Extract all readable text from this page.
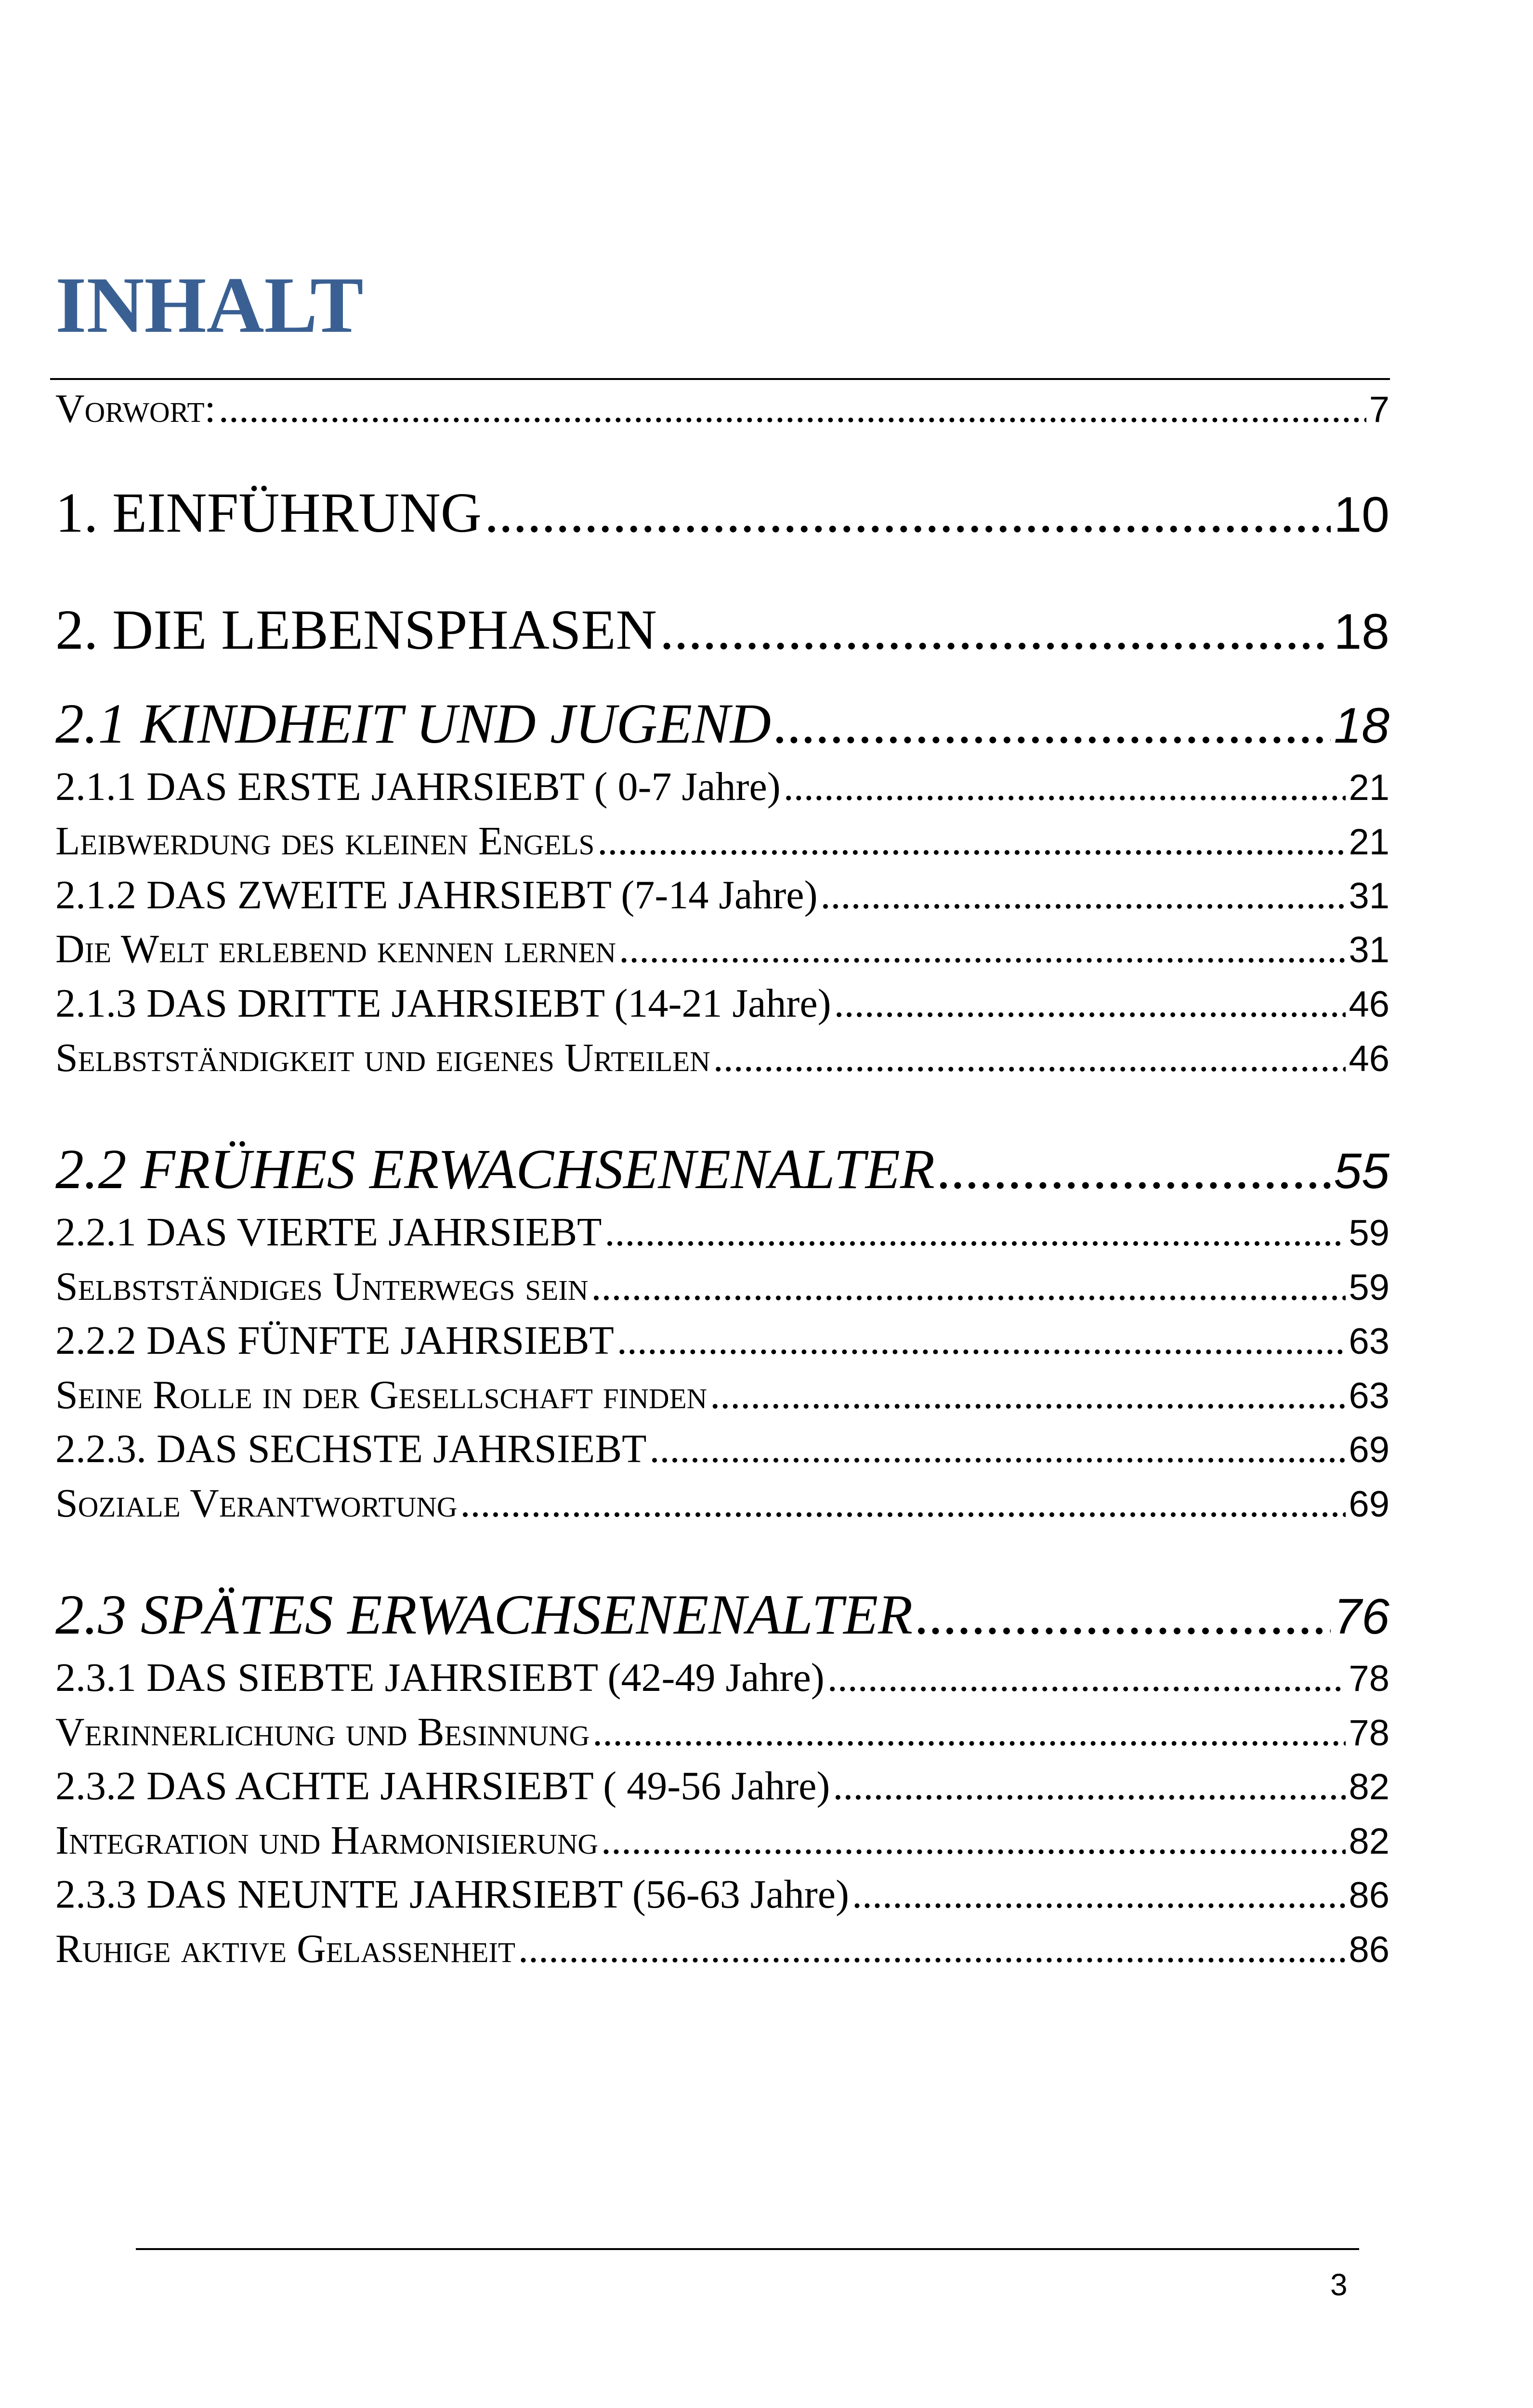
INHALT
Vorwort: .....	7
1. EINFÜHRUNG .....	10
2. DIE LEBENSPHASEN .....	18
2.1 KINDHEIT UND JUGEND .....	18
2.1.1 DAS ERSTE JAHRSIEBT ( 0-7 Jahre) .....	21
Leibwerdung des kleinen Engels .....	21
2.1.2 DAS ZWEITE JAHRSIEBT (7-14 Jahre) .....	31
Die Welt erlebend kennen lernen .....	31
2.1.3 DAS DRITTE JAHRSIEBT (14-21 Jahre) .....	46
Selbstständigkeit und eigenes Urteilen .....	46
2.2 FRÜHES ERWACHSENENALTER .....	55
2.2.1 DAS VIERTE JAHRSIEBT .....	59
Selbstständiges Unterwegs sein .....	59
2.2.2 DAS FÜNFTE JAHRSIEBT .....	63
Seine Rolle in der Gesellschaft finden .....	63
2.2.3. DAS SECHSTE JAHRSIEBT .....	69
Soziale Verantwortung .....	69
2.3 SPÄTES ERWACHSENENALTER .....	76
2.3.1 DAS SIEBTE JAHRSIEBT (42-49 Jahre) .....	78
Verinnerlichung und Besinnung .....	78
2.3.2 DAS ACHTE JAHRSIEBT ( 49-56 Jahre) .....	82
Integration und Harmonisierung .....	82
2.3.3 DAS NEUNTE JAHRSIEBT (56-63 Jahre) .....	86
Ruhige aktive Gelassenheit .....	86
3
